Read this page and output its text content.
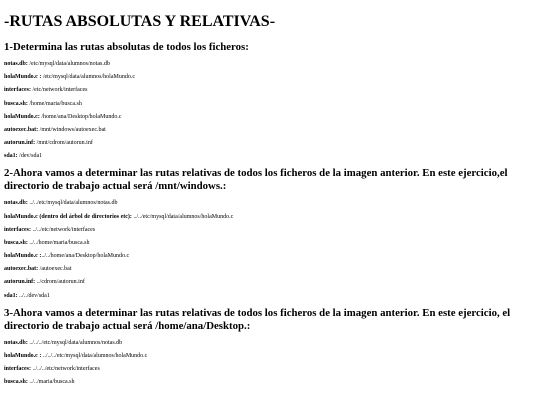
-RUTAS ABSOLUTAS Y RELATIVAS-
1-Determina las rutas absolutas de todos los ficheros:
notas.db: /etc/mysql/data/alumnos/notas.db
holaMundo.c : /etc/mysql/data/alumnos/holaMundo.c
interfaces: /etc/network/interfaces
busca.sh: /home/maria/busca.sh
holaMundo.c: /home/ana/Desktop/holaMundo.c
autoexec.bat: /mnt/windows/autoexec.bat
autorun.inf: /mnt/cdrom/autorun.inf
sda1: /dev/sda1
2-Ahora vamos a determinar las rutas relativas de todos los ficheros de la imagen anterior. En este ejercicio,el directorio de trabajo actual será /mnt/windows.:
notas.db: ../../etc/mysql/data/alumnos/notas.db
holaMundo.c (dentro del árbol de directorios etc): ../../etc/mysql/data/alumnos/holaMundo.c
interfaces: ../../etc/network/interfaces
busca.sh: ../../home/maria/busca.sh
holaMundo.c :../../home/ana/Desktop/holaMundo.c
autoexec.bat: /autoexec.bat
autorun.inf: ../cdrom/autorun.inf
sda1: ../../dev/sda1
3-Ahora vamos a determinar las rutas relativas de todos los ficheros de la imagen anterior. En este ejercicio, el directorio de trabajo actual será /home/ana/Desktop.:
notas.db: ../../../etc/mysql/data/alumnos/notas.db
holaMundo.c : ../../../etc/mysql/data/alumnos/holaMundo.c
interfaces: ../../../etc/network/interfaces
busca.sh: ../../maria/busca.sh
